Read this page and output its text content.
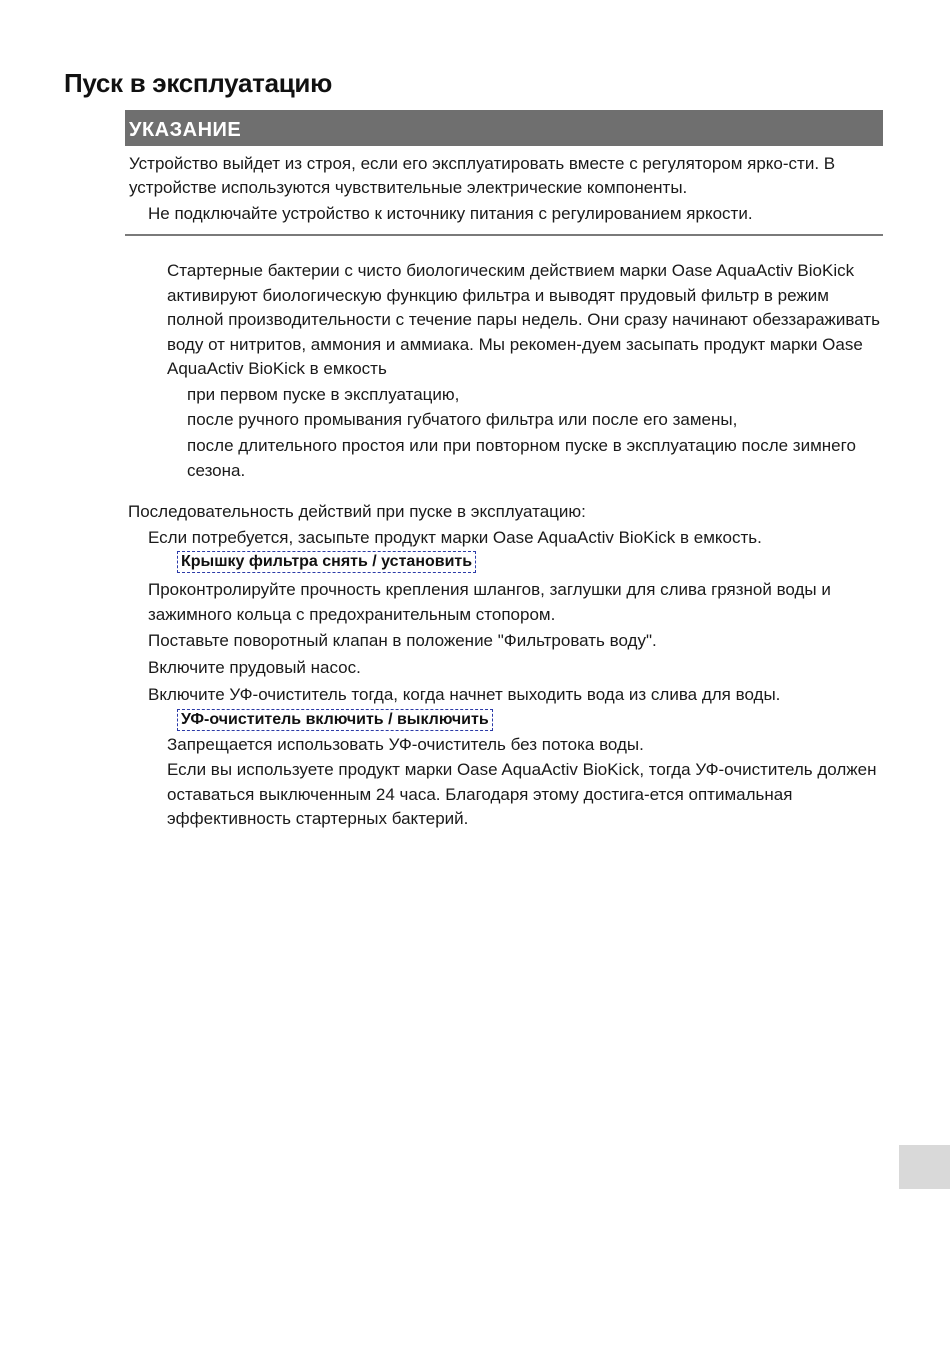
Пуск в эксплуатацию
УКАЗАНИЕ
Устройство выйдет из строя, если его эксплуатировать вместе с регулятором ярко-сти. В устройстве используются чувствительные электрические компоненты.
Не подключайте устройство к источнику питания с регулированием яркости.
Стартерные бактерии с чисто биологическим действием марки Oase AquaActiv BioKick активируют биологическую функцию фильтра и выводят прудовый фильтр в режим полной производительности с течение пары недель. Они сразу начинают обеззараживать воду от нитритов, аммония и аммиака. Мы рекомен-дуем засыпать продукт марки Oase AquaActiv BioKick в емкость
при первом пуске в эксплуатацию,
после ручного промывания губчатого фильтра или после его замены,
после длительного простоя или при повторном пуске в эксплуатацию после зимнего сезона.
Последовательность действий при пуске в эксплуатацию:
Если потребуется, засыпьте продукт марки Oase AquaActiv BioKick в емкость.
Крышку фильтра снять / установить
Проконтролируйте прочность крепления шлангов, заглушки для слива грязной воды и зажимного кольца с предохранительным стопором.
Поставьте поворотный клапан в положение "Фильтровать воду".
Включите прудовый насос.
Включите УФ-очиститель тогда, когда начнет выходить вода из слива для воды.
УФ-очиститель включить / выключить
Запрещается использовать УФ-очиститель без потока воды.
Если вы используете продукт марки Oase AquaActiv BioKick, тогда УФ-очиститель должен оставаться выключенным 24 часа. Благодаря этому достига-ется оптимальная эффективность стартерных бактерий.
